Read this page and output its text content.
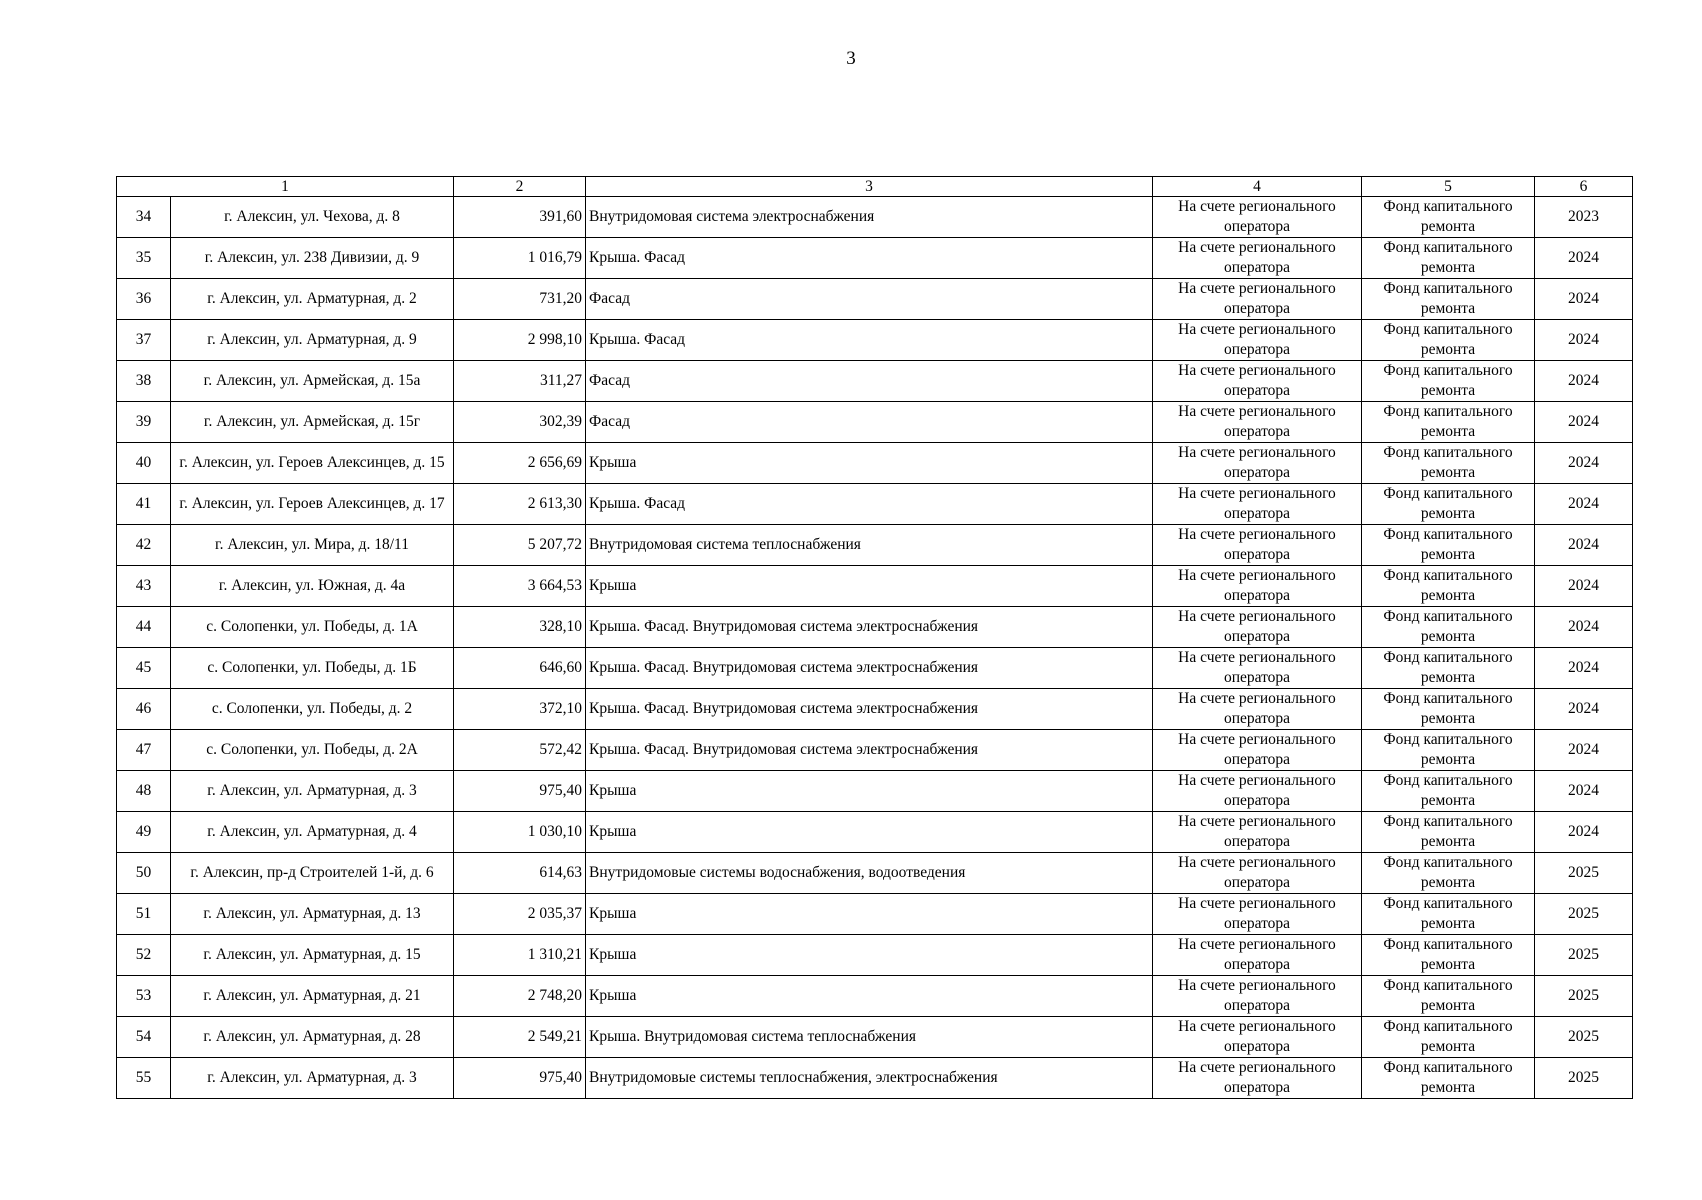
3
1		2	3	4	5	6
34	г. Алексин, ул. Чехова, д. 8	391,60	Внутридомовая система электроснабжения	На счете регионального оператора	Фонд капитального ремонта	2023
35	г. Алексин, ул. 238 Дивизии, д. 9	1 016,79	Крыша. Фасад	На счете регионального оператора	Фонд капитального ремонта	2024
36	г. Алексин, ул. Арматурная, д. 2	731,20	Фасад	На счете регионального оператора	Фонд капитального ремонта	2024
37	г. Алексин, ул. Арматурная, д. 9	2 998,10	Крыша. Фасад	На счете регионального оператора	Фонд капитального ремонта	2024
38	г. Алексин, ул. Армейская, д. 15а	311,27	Фасад	На счете регионального оператора	Фонд капитального ремонта	2024
39	г. Алексин, ул. Армейская, д. 15г	302,39	Фасад	На счете регионального оператора	Фонд капитального ремонта	2024
40	г. Алексин, ул. Героев Алексинцев, д. 15	2 656,69	Крыша	На счете регионального оператора	Фонд капитального ремонта	2024
41	г. Алексин, ул. Героев Алексинцев, д. 17	2 613,30	Крыша. Фасад	На счете регионального оператора	Фонд капитального ремонта	2024
42	г. Алексин, ул. Мира, д. 18/11	5 207,72	Внутридомовая система теплоснабжения	На счете регионального оператора	Фонд капитального ремонта	2024
43	г. Алексин, ул. Южная, д. 4а	3 664,53	Крыша	На счете регионального оператора	Фонд капитального ремонта	2024
44	с. Солопенки, ул. Победы, д. 1А	328,10	Крыша. Фасад. Внутридомовая система электроснабжения	На счете регионального оператора	Фонд капитального ремонта	2024
45	с. Солопенки, ул. Победы, д. 1Б	646,60	Крыша. Фасад. Внутридомовая система электроснабжения	На счете регионального оператора	Фонд капитального ремонта	2024
46	с. Солопенки, ул. Победы, д. 2	372,10	Крыша. Фасад. Внутридомовая система электроснабжения	На счете регионального оператора	Фонд капитального ремонта	2024
47	с. Солопенки, ул. Победы, д. 2А	572,42	Крыша. Фасад. Внутридомовая система электроснабжения	На счете регионального оператора	Фонд капитального ремонта	2024
48	г. Алексин, ул. Арматурная, д. 3	975,40	Крыша	На счете регионального оператора	Фонд капитального ремонта	2024
49	г. Алексин, ул. Арматурная, д. 4	1 030,10	Крыша	На счете регионального оператора	Фонд капитального ремонта	2024
50	г. Алексин, пр-д Строителей 1-й, д. 6	614,63	Внутридомовые системы водоснабжения, водоотведения	На счете регионального оператора	Фонд капитального ремонта	2025
51	г. Алексин, ул. Арматурная, д. 13	2 035,37	Крыша	На счете регионального оператора	Фонд капитального ремонта	2025
52	г. Алексин, ул. Арматурная, д. 15	1 310,21	Крыша	На счете регионального оператора	Фонд капитального ремонта	2025
53	г. Алексин, ул. Арматурная, д. 21	2 748,20	Крыша	На счете регионального оператора	Фонд капитального ремонта	2025
54	г. Алексин, ул. Арматурная, д. 28	2 549,21	Крыша. Внутридомовая система теплоснабжения	На счете регионального оператора	Фонд капитального ремонта	2025
55	г. Алексин, ул. Арматурная, д. 3	975,40	Внутридомовые системы теплоснабжения, электроснабжения	На счете регионального оператора	Фонд капитального ремонта	2025
